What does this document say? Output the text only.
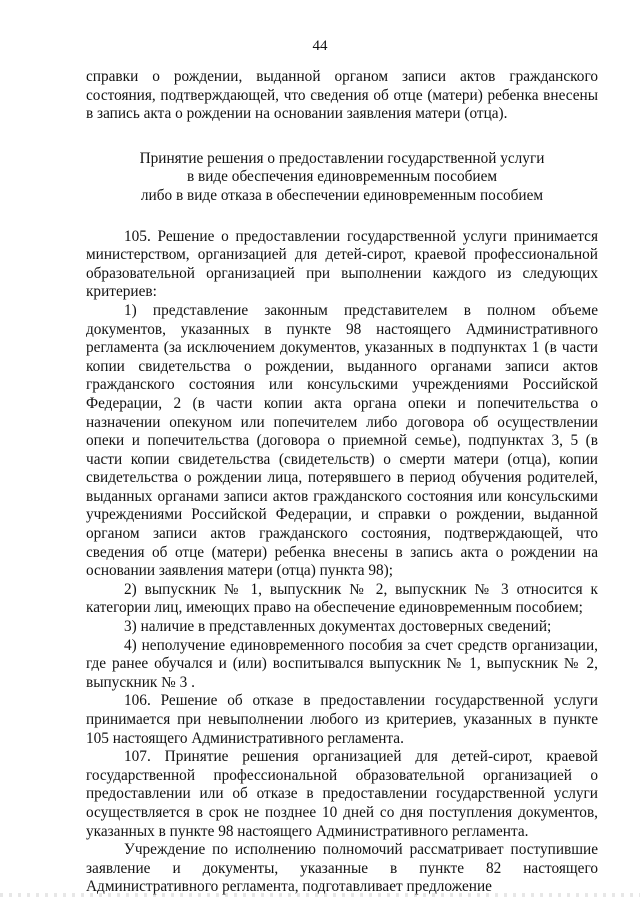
44

справки о рождении, выданной органом записи актов гражданского состояния, подтверждающей, что сведения об отце (матери) ребенка внесены в запись акта о рождении на основании заявления матери (отца).

Принятие решения о предоставлении государственной услуги
в виде обеспечения единовременным пособием
либо в виде отказа в обеспечении единовременным пособием

105. Решение о предоставлении государственной услуги принимается министерством, организацией для детей-сирот, краевой профессиональной образовательной организацией при выполнении каждого из следующих критериев:

1) представление законным представителем в полном объеме документов, указанных в пункте 98 настоящего Административного регламента (за исключением документов, указанных в подпунктах 1 (в части копии свидетельства о рождении, выданного органами записи актов гражданского состояния или консульскими учреждениями Российской Федерации, 2 (в части копии акта органа опеки и попечительства о назначении опекуном или попечителем либо договора об осуществлении опеки и попечительства (договора о приемной семье), подпунктах 3, 5 (в части копии свидетельства (свидетельств) о смерти матери (отца), копии свидетельства о рождении лица, потерявшего в период обучения родителей, выданных органами записи актов гражданского состояния или консульскими учреждениями Российской Федерации, и справки о рождении, выданной органом записи актов гражданского состояния, подтверждающей, что сведения об отце (матери) ребенка внесены в запись акта о рождении на основании заявления матери (отца) пункта 98);

2) выпускник № 1, выпускник № 2, выпускник № 3 относится к категории лиц, имеющих право на обеспечение единовременным пособием;

3) наличие в представленных документах достоверных сведений;

4) неполучение единовременного пособия за счет средств организации, где ранее обучался и (или) воспитывался выпускник № 1, выпускник № 2, выпускник № 3 .

106. Решение об отказе в предоставлении государственной услуги принимается при невыполнении любого из критериев, указанных в пункте 105 настоящего Административного регламента.

107. Принятие решения организацией для детей-сирот, краевой государственной профессиональной образовательной организацией о предоставлении или об отказе в предоставлении государственной услуги осуществляется в срок не позднее 10 дней со дня поступления документов, указанных в пункте 98 настоящего Административного регламента.

Учреждение по исполнению полномочий рассматривает поступившие заявление и документы, указанные в пункте 82 настоящего Административного регламента, подготавливает предложение
